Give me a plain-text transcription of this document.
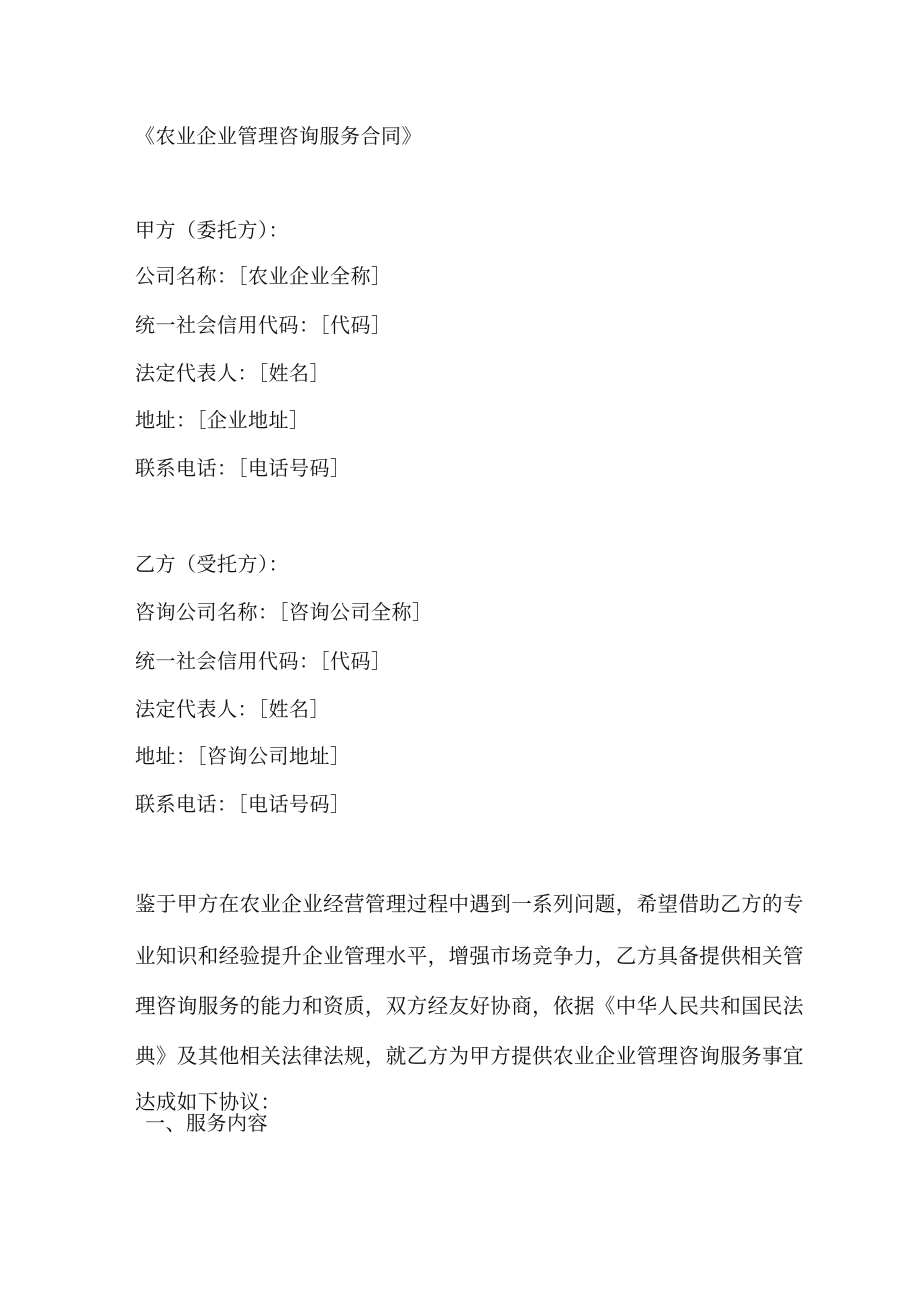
《农业企业管理咨询服务合同》
甲方（委托方）：
公司名称：［农业企业全称］
统一社会信用代码：［代码］
法定代表人：［姓名］
地址：［企业地址］
联系电话：［电话号码］
乙方（受托方）：
咨询公司名称：［咨询公司全称］
统一社会信用代码：［代码］
法定代表人：［姓名］
地址：［咨询公司地址］
联系电话：［电话号码］
鉴于甲方在农业企业经营管理过程中遇到一系列问题，希望借助乙方的专
业知识和经验提升企业管理水平，增强市场竞争力，乙方具备提供相关管
理咨询服务的能力和资质，双方经友好协商，依据《中华人民共和国民法
典》及其他相关法律法规，就乙方为甲方提供农业企业管理咨询服务事宜
达成如下协议：
一、服务内容
